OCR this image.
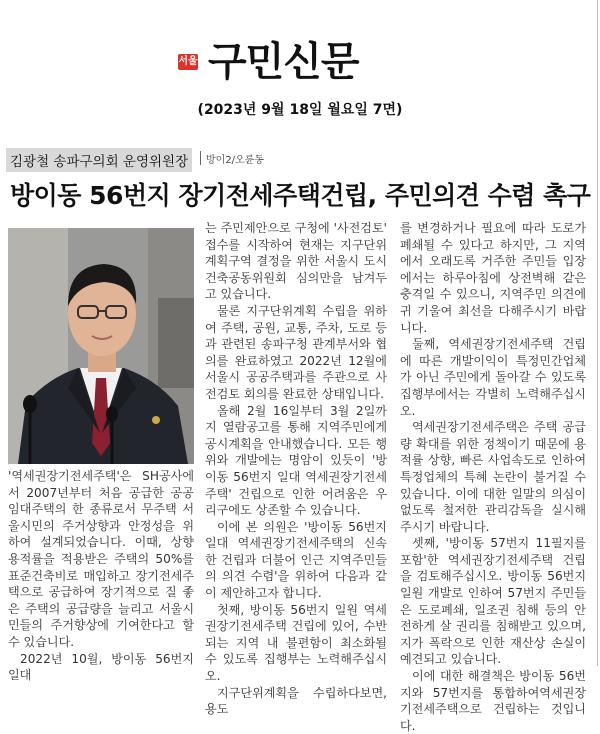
서울 구민신문
(2023년 9월 18일 월요일 7면)
김광철 송파구의회 운영위원장	방이2/오륜동
방이동 56번지 장기전세주택건립, 주민의견 수렴 촉구

'역세권장기전세주택'은 SH공사에서 2007년부터 처음 공급한 공공임대주택의 한 종류로서 무주택 서울시민의 주거상향과 안정성을 위하여 설계되었습니다. 이때, 상향 용적률을 적용받은 주택의 50%를 표준건축비로 매입하고 장기전세주택으로 공급하여 장기적으로 질 좋은 주택의 공급량을 늘리고 서울시민들의 주거향상에 기여한다고 할 수 있습니다.

2022년 10월, 방이동 56번지 일대

는 주민제안으로 구청에 '사전검토' 접수를 시작하여 현재는 지구단위계획구역 결정을 위한 서울시 도시건축공동위원회 심의만을 남겨두고 있습니다.

물론 지구단위계획 수립을 위하여 주택, 공원, 교통, 주차, 도로 등과 관련된 송파구청 관계부서와 협의를 완료하였고 2022년 12월에 서울시 공공주택과를 주관으로 사전검토 회의를 완료한 상태입니다.

올해 2월 16일부터 3월 2일까지 열람공고를 통해 지역주민에게 공시계획을 안내했습니다. 모든 행위와 개발에는 명암이 있듯이 '방이동 56번지 일대 역세권장기전세주택' 건립으로 인한 어려움은 우리구에도 상존할 수 있습니다.

이에 본 의원은 '방이동 56번지 일대 역세권장기전세주택의 신속한 건립과 더불어 인근 지역주민들의 의견 수렴'을 위하여 다음과 같이 제안하고자 합니다.

첫째, 방이동 56번지 일원 역세권장기전세주택 건립에 있어, 수반되는 지역 내 불편함이 최소화될 수 있도록 집행부는 노력해주십시오.

지구단위계획을 수립하다보면, 용도

를 변경하거나 필요에 따라 도로가 폐쇄될 수 있다고 하지만, 그 지역에서 오래도록 거주한 주민들 입장에서는 하루아침에 상전벽해 같은 충격일 수 있으니, 지역주민 의견에 귀 기울여 최선을 다해주시기 바랍니다.

둘째, 역세권장기전세주택 건립에 따른 개발이익이 특정민간업체가 아닌 주민에게 돌아갈 수 있도록 집행부에서는 각별히 노력해주십시오.

역세권장기전세주택은 주택 공급량 확대를 위한 정책이기 때문에 용적률 상향, 빠른 사업속도로 인하여 특정업체의 특혜 논란이 불거질 수 있습니다. 이에 대한 일말의 의심이 없도록 철저한 관리감독을 실시해주시기 바랍니다.

셋째, '방이동 57번지 11필지를 포함'한 역세권장기전세주택 건립을 검토해주십시오. 방이동 56번지 일원 개발로 인하여 57번지 주민들은 도로폐쇄, 일조권 침해 등의 안전하게 살 권리를 침해받고 있으며, 지가 폭락으로 인한 재산상 손실이 예견되고 있습니다.

이에 대한 해결책은 방이동 56번지와 57번지를 통합하여역세권장기전세주택으로 건립하는 것입니다.
